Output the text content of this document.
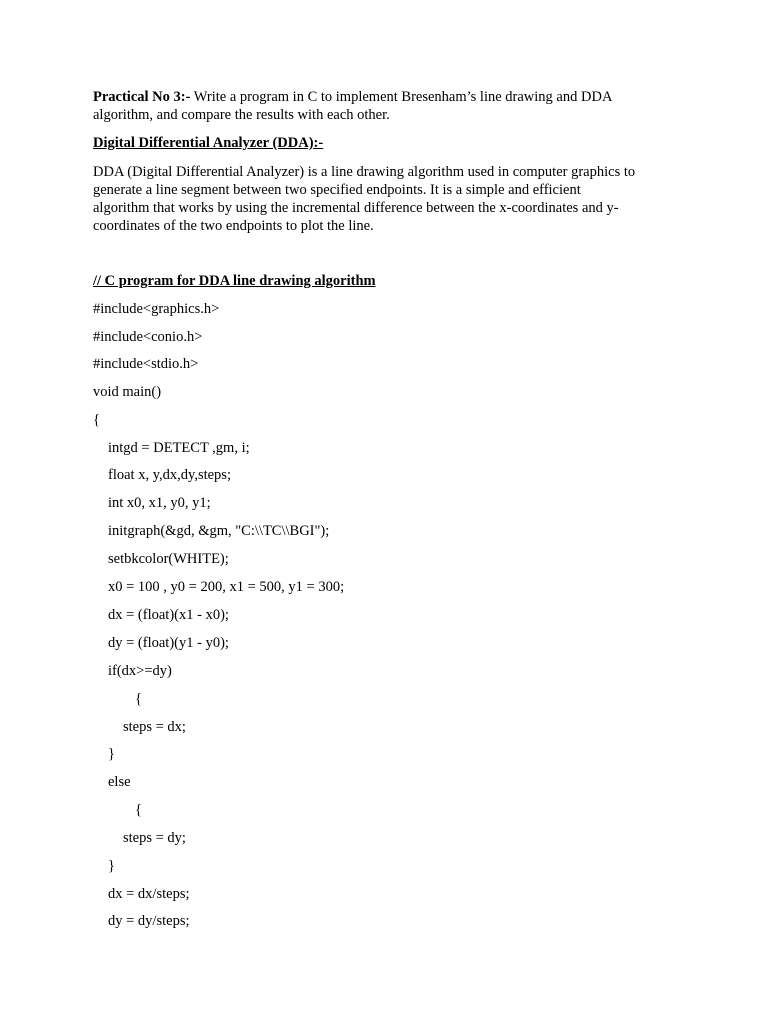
Practical No 3:- Write a program in C to implement Bresenham’s line drawing and DDA
algorithm, and compare the results with each other.
Digital Differential Analyzer (DDA):-
DDA (Digital Differential Analyzer) is a line drawing algorithm used in computer graphics to
generate a line segment between two specified endpoints. It is a simple and efficient
algorithm that works by using the incremental difference between the x-coordinates and y-
coordinates of the two endpoints to plot the line.
// C program for DDA line drawing algorithm
#include<graphics.h>
#include<conio.h>
#include<stdio.h>
void main()
{
intgd = DETECT ,gm, i;
float x, y,dx,dy,steps;
int x0, x1, y0, y1;
initgraph(&gd, &gm, "C:\\TC\\BGI");
setbkcolor(WHITE);
x0 = 100 , y0 = 200, x1 = 500, y1 = 300;
dx = (float)(x1 - x0);
dy = (float)(y1 - y0);
if(dx>=dy)
{
steps = dx;
}
else
{
steps = dy;
}
dx = dx/steps;
dy = dy/steps;
